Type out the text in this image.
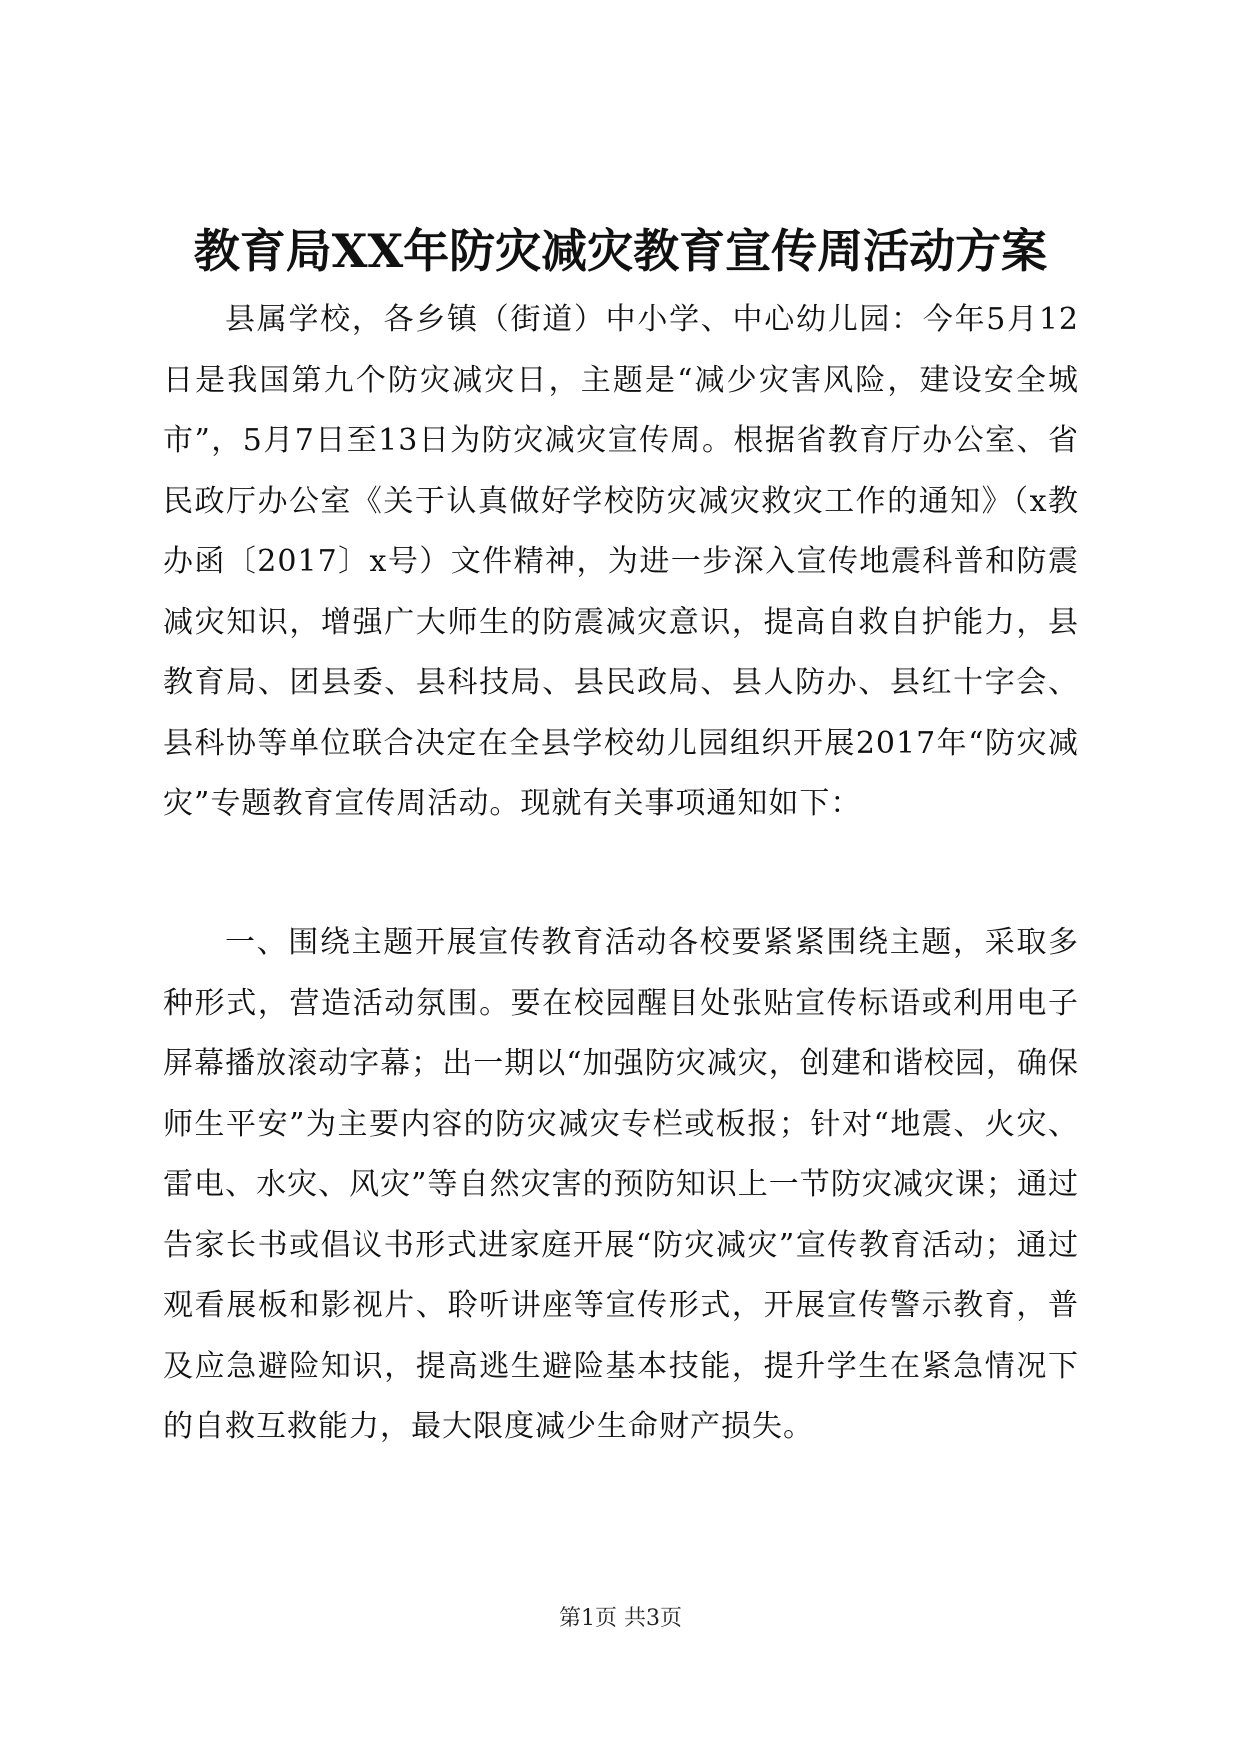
教育局XX年防灾减灾教育宣传周活动方案

县属学校，各乡镇（街道）中小学、中心幼儿园：今年5月12日是我国第九个防灾减灾日，主题是“减少灾害风险，建设安全城市”，5月7日至13日为防灾减灾宣传周。根据省教育厅办公室、省民政厅办公室《关于认真做好学校防灾减灾救灾工作的通知》（x教办函〔2017〕x号）文件精神，为进一步深入宣传地震科普和防震减灾知识，增强广大师生的防震减灾意识，提高自救自护能力，县教育局、团县委、县科技局、县民政局、县人防办、县红十字会、县科协等单位联合决定在全县学校幼儿园组织开展2017年“防灾减灾”专题教育宣传周活动。现就有关事项通知如下：

一、围绕主题开展宣传教育活动各校要紧紧围绕主题，采取多种形式，营造活动氛围。要在校园醒目处张贴宣传标语或利用电子屏幕播放滚动字幕；出一期以“加强防灾减灾，创建和谐校园，确保师生平安”为主要内容的防灾减灾专栏或板报；针对“地震、火灾、雷电、水灾、风灾”等自然灾害的预防知识上一节防灾减灾课；通过告家长书或倡议书形式进家庭开展“防灾减灾”宣传教育活动；通过观看展板和影视片、聆听讲座等宣传形式，开展宣传警示教育，普及应急避险知识，提高逃生避险基本技能，提升学生在紧急情况下的自救互救能力，最大限度减少生命财产损失。

第1页 共3页
